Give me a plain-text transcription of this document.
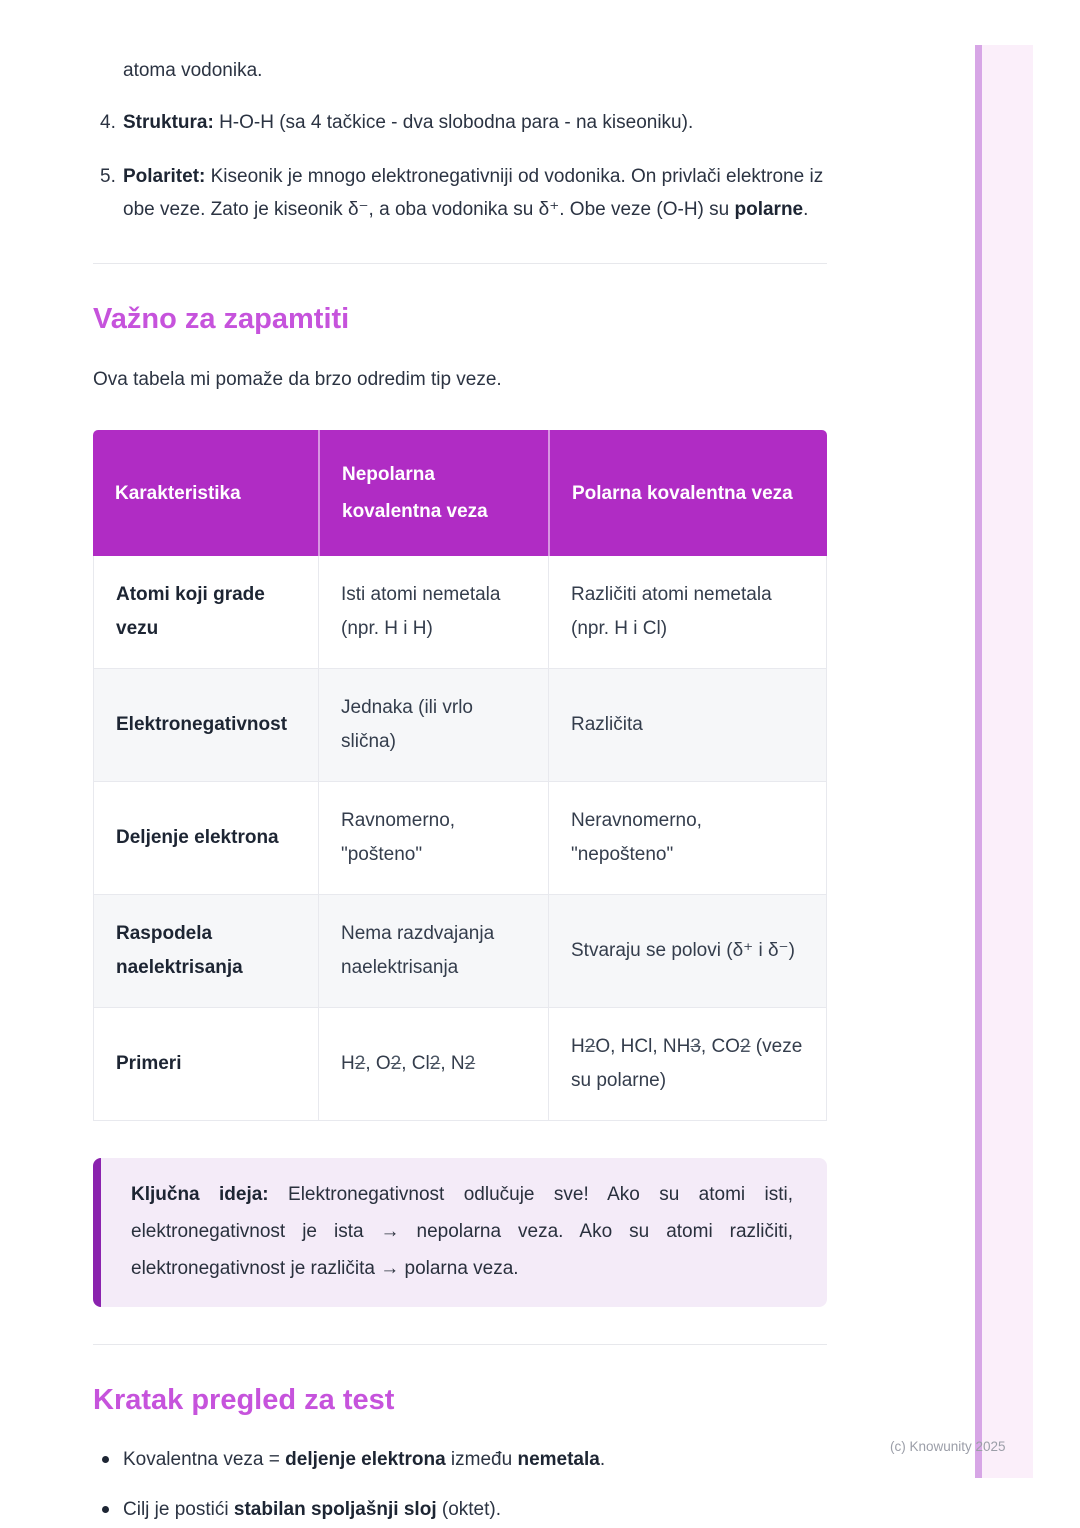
atoma vodonika.

4. Struktura: H-O-H (sa 4 tačkice - dva slobodna para - na kiseoniku).

5. Polaritet: Kiseonik je mnogo elektronegativniji od vodonika. On privlači elektrone iz obe veze. Zato je kiseonik δ⁻, a oba vodonika su δ⁺. Obe veze (O-H) su polarne.

Važno za zapamtiti

Ova tabela mi pomaže da brzo odredim tip veze.

Karakteristika	Nepolarna kovalentna veza	Polarna kovalentna veza
Atomi koji grade vezu	Isti atomi nemetala (npr. H i H)	Različiti atomi nemetala (npr. H i Cl)
Elektronegativnost	Jednaka (ili vrlo slična)	Različita
Deljenje elektrona	Ravnomerno, "pošteno"	Neravnomerno, "nepošteno"
Raspodela naelektrisanja	Nema razdvajanja naelektrisanja	Stvaraju se polovi (δ⁺ i δ⁻)
Primeri	H2, O2, Cl2, N2	H2O, HCl, NH3, CO2 (veze su polarne)

Ključna ideja: Elektronegativnost odlučuje sve! Ako su atomi isti, elektronegativnost je ista → nepolarna veza. Ako su atomi različiti, elektronegativnost je različita → polarna veza.

Kratak pregled za test
Kovalentna veza = deljenje elektrona između nemetala.
Cilj je postići stabilan spoljašnji sloj (oktet).
(c) Knowunity 2025
